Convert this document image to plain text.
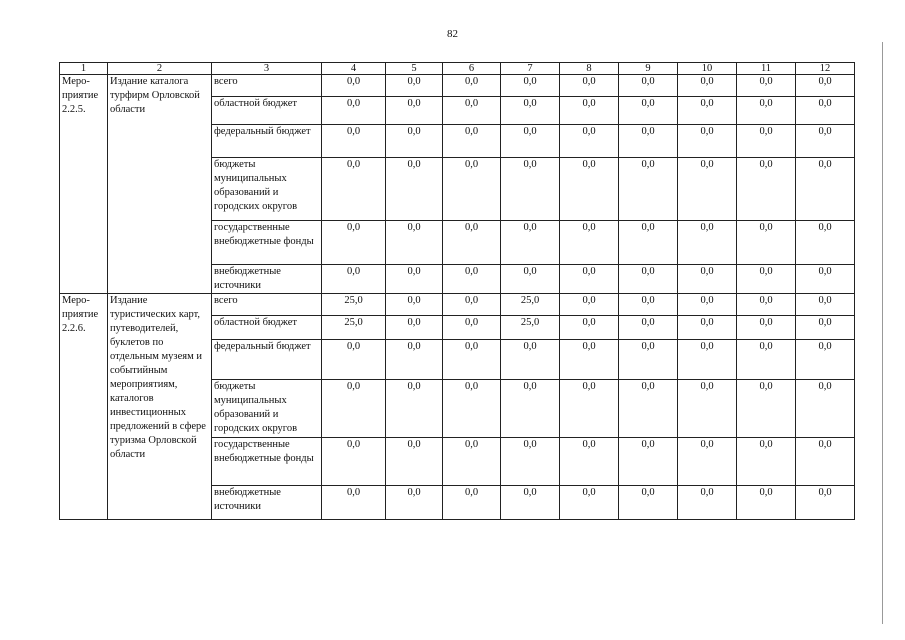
82
1	2	3	4	5	6	7	8	9	10	11	12
Меро-
приятие
2.2.5.	Издание каталога турфирм Орловской области	всего	0,0	0,0	0,0	0,0	0,0	0,0	0,0	0,0	0,0
		областной бюджет	0,0	0,0	0,0	0,0	0,0	0,0	0,0	0,0	0,0
		федеральный бюджет	0,0	0,0	0,0	0,0	0,0	0,0	0,0	0,0	0,0
		бюджеты муниципальных образований и городских округов	0,0	0,0	0,0	0,0	0,0	0,0	0,0	0,0	0,0
		государственные внебюджетные фонды	0,0	0,0	0,0	0,0	0,0	0,0	0,0	0,0	0,0
		внебюджетные источники	0,0	0,0	0,0	0,0	0,0	0,0	0,0	0,0	0,0
Меро-
приятие
2.2.6.	Издание туристических карт, путеводителей, буклетов по отдельным музеям и событийным мероприятиям, каталогов инвестиционных предложений в сфере туризма Орловской области	всего	25,0	0,0	0,0	25,0	0,0	0,0	0,0	0,0	0,0
		областной бюджет	25,0	0,0	0,0	25,0	0,0	0,0	0,0	0,0	0,0
		федеральный бюджет	0,0	0,0	0,0	0,0	0,0	0,0	0,0	0,0	0,0
		бюджеты муниципальных образований и городских округов	0,0	0,0	0,0	0,0	0,0	0,0	0,0	0,0	0,0
		государственные внебюджетные фонды	0,0	0,0	0,0	0,0	0,0	0,0	0,0	0,0	0,0
		внебюджетные источники	0,0	0,0	0,0	0,0	0,0	0,0	0,0	0,0	0,0
